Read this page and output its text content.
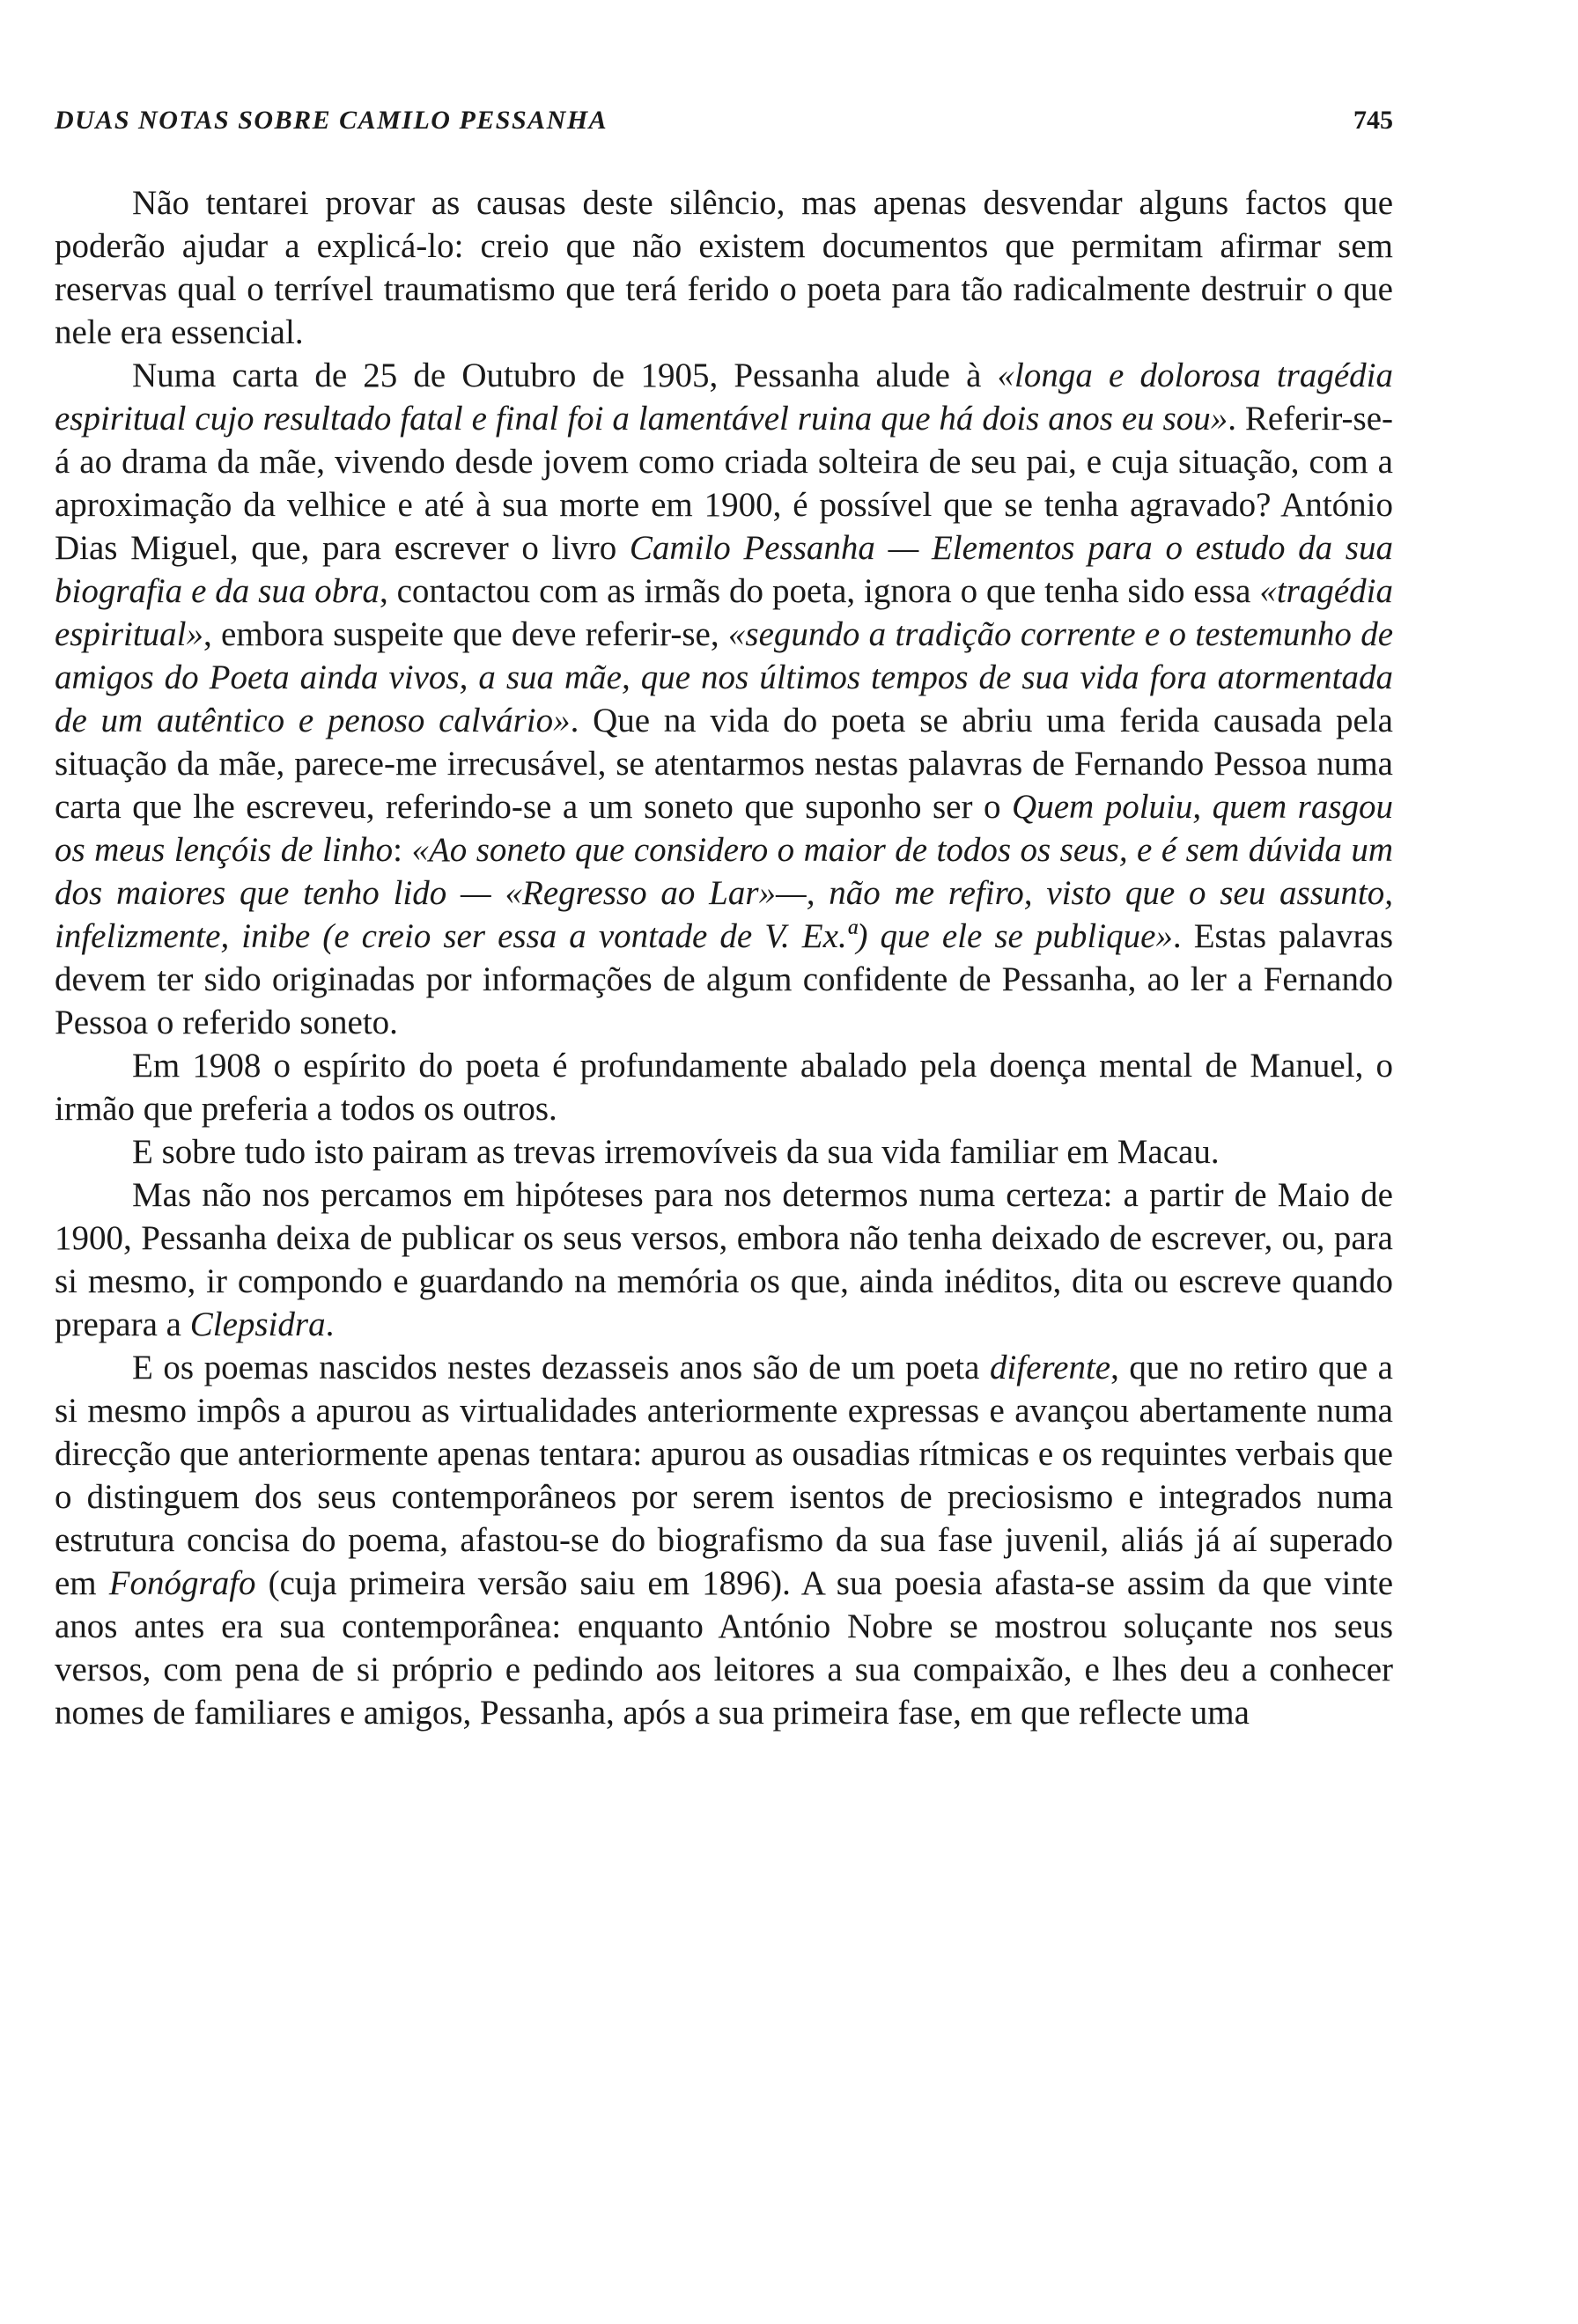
DUAS NOTAS SOBRE CAMILO PESSANHA	745

Não tentarei provar as causas deste silêncio, mas apenas desvendar alguns factos que poderão ajudar a explicá-lo: creio que não existem documentos que permitam afirmar sem reservas qual o terrível traumatismo que terá ferido o poeta para tão radicalmente destruir o que nele era essencial.

Numa carta de 25 de Outubro de 1905, Pessanha alude à «longa e dolorosa tragédia espiritual cujo resultado fatal e final foi a lamentável ruina que há dois anos eu sou». Referir-se-á ao drama da mãe, vivendo desde jovem como criada solteira de seu pai, e cuja situação, com a aproximação da velhice e até à sua morte em 1900, é possível que se tenha agravado? António Dias Miguel, que, para escrever o livro Camilo Pessanha — Elementos para o estudo da sua biografia e da sua obra, contactou com as irmãs do poeta, ignora o que tenha sido essa «tragédia espiritual», embora suspeite que deve referir-se, «segundo a tradição corrente e o testemunho de amigos do Poeta ainda vivos, a sua mãe, que nos últimos tempos de sua vida fora atormentada de um autêntico e penoso calvário». Que na vida do poeta se abriu uma ferida causada pela situação da mãe, parece-me irrecusável, se atentarmos nestas palavras de Fernando Pessoa numa carta que lhe escreveu, referindo-se a um soneto que suponho ser o Quem poluiu, quem rasgou os meus lençóis de linho: «Ao soneto que considero o maior de todos os seus, e é sem dúvida um dos maiores que tenho lido — «Regresso ao Lar»—, não me refiro, visto que o seu assunto, infelizmente, inibe (e creio ser essa a vontade de V. Ex.ª) que ele se publique». Estas palavras devem ter sido originadas por informações de algum confidente de Pessanha, ao ler a Fernando Pessoa o referido soneto.

Em 1908 o espírito do poeta é profundamente abalado pela doença mental de Manuel, o irmão que preferia a todos os outros.

E sobre tudo isto pairam as trevas irremovíveis da sua vida familiar em Macau.

Mas não nos percamos em hipóteses para nos determos numa certeza: a partir de Maio de 1900, Pessanha deixa de publicar os seus versos, embora não tenha deixado de escrever, ou, para si mesmo, ir compondo e guardando na memória os que, ainda inéditos, dita ou escreve quando prepara a Clepsidra.

E os poemas nascidos nestes dezasseis anos são de um poeta diferente, que no retiro que a si mesmo impôs a apurou as virtualidades anteriormente expressas e avançou abertamente numa direcção que anteriormente apenas tentara: apurou as ousadias rítmicas e os requintes verbais que o distinguem dos seus contemporâneos por serem isentos de preciosismo e integrados numa estrutura concisa do poema, afastou-se do biografismo da sua fase juvenil, aliás já aí superado em Fonógrafo (cuja primeira versão saiu em 1896). A sua poesia afasta-se assim da que vinte anos antes era sua contemporânea: enquanto António Nobre se mostrou soluçante nos seus versos, com pena de si próprio e pedindo aos leitores a sua compaixão, e lhes deu a conhecer nomes de familiares e amigos, Pessanha, após a sua primeira fase, em que reflecte uma
